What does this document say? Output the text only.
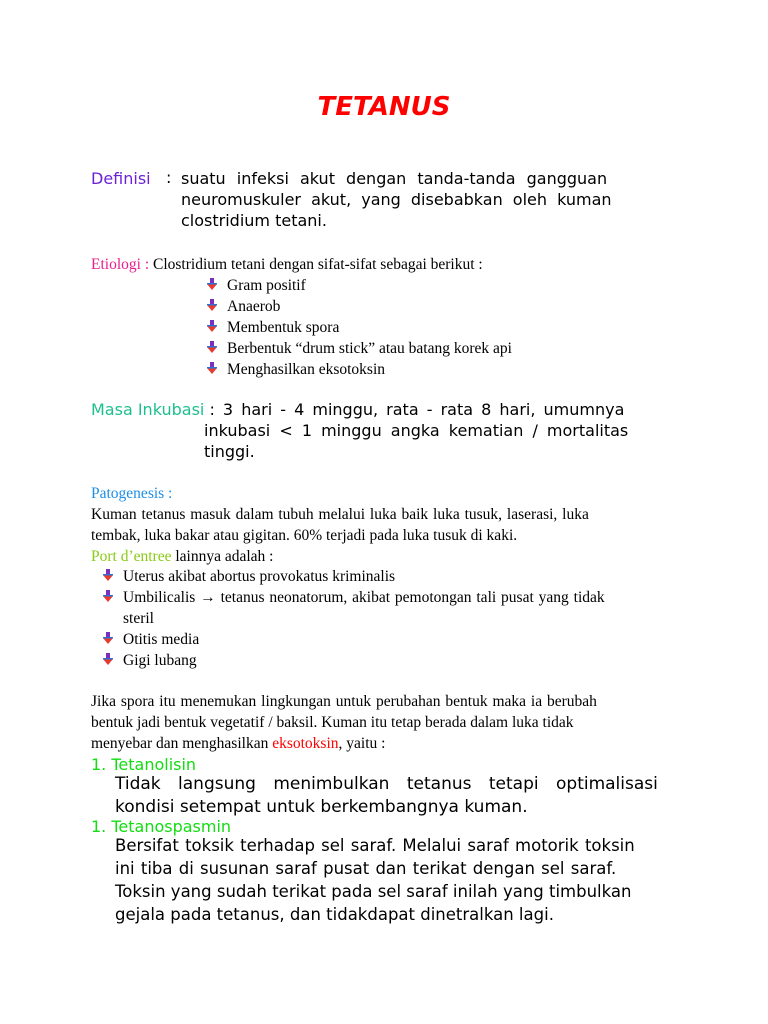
TETANUS
Definisi : suatu infeksi akut dengan tanda-tanda gangguan
neuromuskuler akut, yang disebabkan oleh kuman
clostridium tetani.
Etiologi : Clostridium tetani dengan sifat-sifat sebagai berikut :
Gram positif
Anaerob
Membentuk spora
Berbentuk “drum stick” atau batang korek api
Menghasilkan eksotoksin
Masa Inkubasi : 3 hari - 4 minggu, rata - rata 8 hari, umumnya
inkubasi < 1 minggu angka kematian / mortalitas
tinggi.
Patogenesis :
Kuman tetanus masuk dalam tubuh melalui luka baik luka tusuk, laserasi, luka
tembak, luka bakar atau gigitan. 60% terjadi pada luka tusuk di kaki.
Port d’entree lainnya adalah :
Uterus akibat abortus provokatus kriminalis
Umbilicalis → tetanus neonatorum, akibat pemotongan tali pusat yang tidak
steril
Otitis media
Gigi lubang
Jika spora itu menemukan lingkungan untuk perubahan bentuk maka ia berubah
bentuk jadi bentuk vegetatif / baksil. Kuman itu tetap berada dalam luka tidak
menyebar dan menghasilkan eksotoksin, yaitu :
1. Tetanolisin
Tidak langsung menimbulkan tetanus tetapi optimalisasi
kondisi setempat untuk berkembangnya kuman.
1. Tetanospasmin
Bersifat toksik terhadap sel saraf. Melalui saraf motorik toksin
ini tiba di susunan saraf pusat dan terikat dengan sel saraf.
Toksin yang sudah terikat pada sel saraf inilah yang timbulkan
gejala pada tetanus, dan tidakdapat dinetralkan lagi.
